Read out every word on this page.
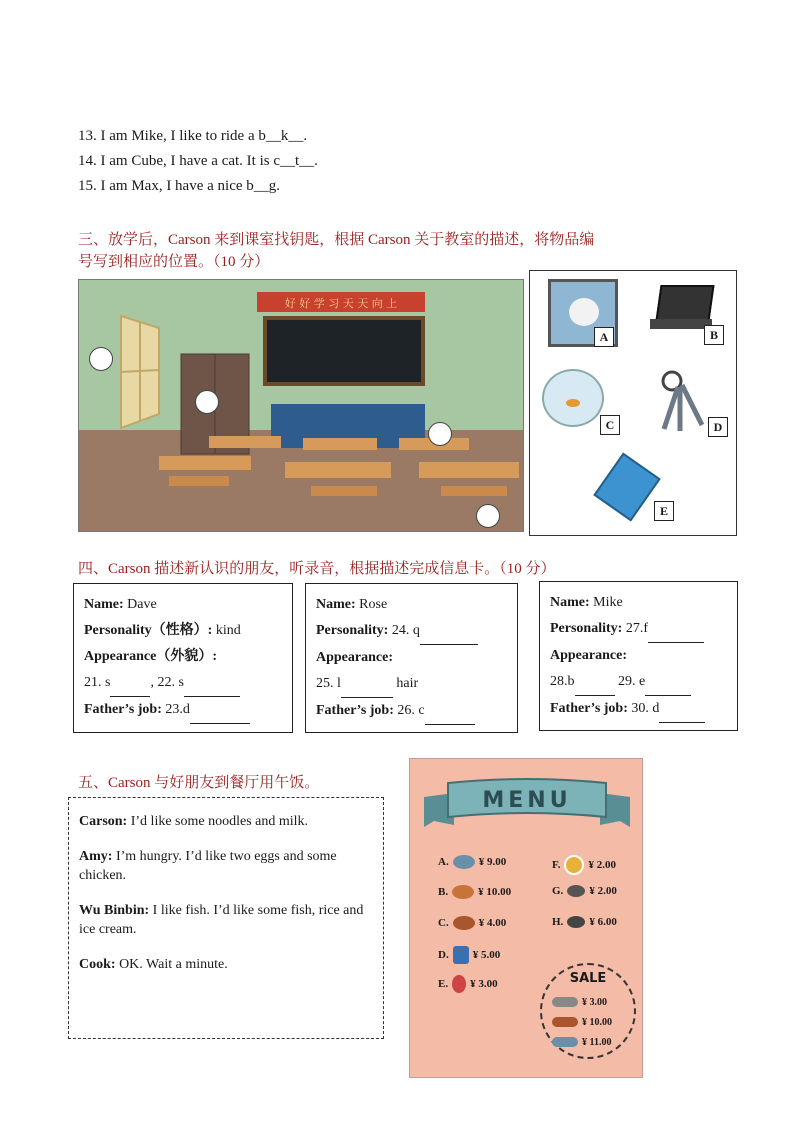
13. I am Mike, I like to ride a b__k__.
14. I am Cube, I have a cat. It is c__t__.
15. I am Max, I have a nice b__g.
三、放学后，Carson 来到课室找钥匙，根据 Carson 关于教室的描述，将物品编
号写到相应的位置。（10 分）
好 好 学 习 天 天 向 上
A	B
C	D
E
四、Carson 描述新认识的朋友，听录音，根据描述完成信息卡。（10 分）
Name: Dave
Personality（性格）: kind
Appearance（外貌）:
21. s	, 22. s
Father’s job: 23.d
Name: Rose
Personality: 24. q
Appearance:
25. l	hair
Father’s job: 26. c
Name: Mike
Personality: 27.f
Appearance:
28.b	29. e
Father’s job: 30. d
五、Carson 与好朋友到餐厅用午饭。

Carson: I’d like some noodles and milk.

Amy: I’m hungry. I’d like two eggs and some chicken.

Wu Binbin: I like fish. I’d like some fish, rice and ice cream.

Cook: OK. Wait a minute.

MENU
A.	¥ 9.00
B.	¥ 10.00
C.	¥ 4.00
D. ¥ 5.00
E. ¥ 3.00
F.	¥ 2.00
G. ¥ 2.00
H. ¥ 6.00
SALE
¥ 3.00
¥ 10.00
¥ 11.00
